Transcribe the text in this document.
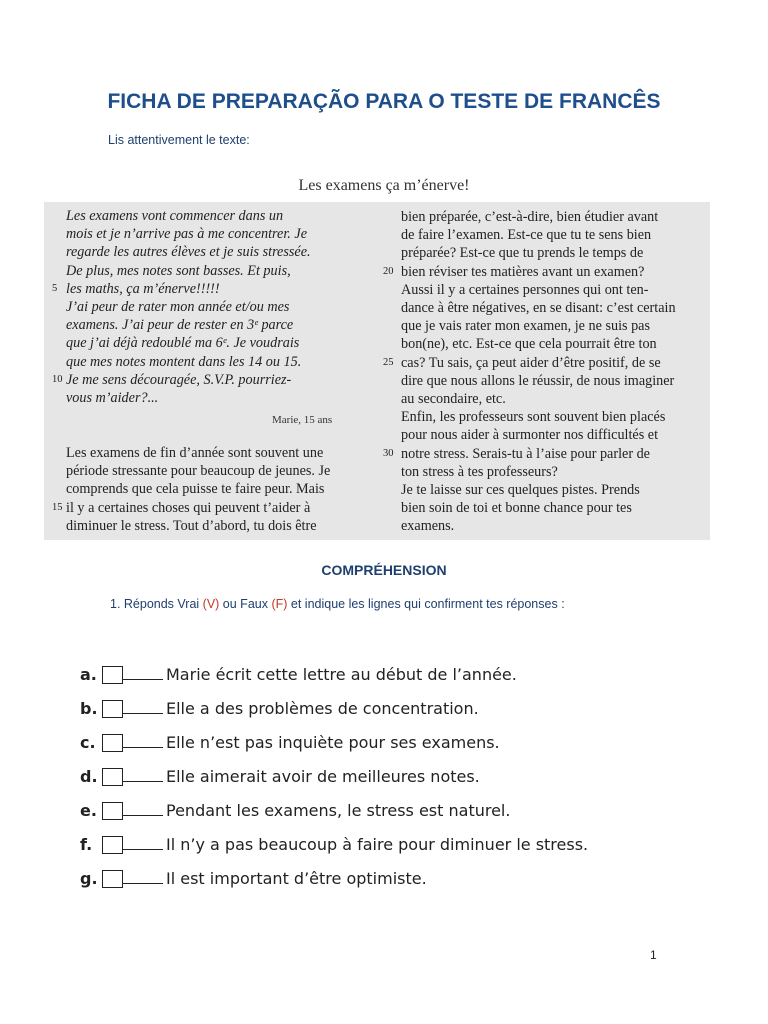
FICHA DE PREPARAÇÃO PARA O TESTE DE FRANCÊS
Lis attentivement le texte:
Les examens ça m’énerve!
Les examens vont commencer dans un
mois et je n’arrive pas à me concentrer. Je
regarde les autres élèves et je suis stressée.
De plus, mes notes sont basses. Et puis,
5 les maths, ça m’énerve!!!!!
J’ai peur de rater mon année et/ou mes
examens. J’ai peur de rester en 3ᵉ parce
que j’ai déjà redoublé ma 6ᵉ. Je voudrais
que mes notes montent dans les 14 ou 15.
10 Je me sens découragée, S.V.P. pourriez-
vous m’aider?...
Marie, 15 ans
Les examens de fin d’année sont souvent une
période stressante pour beaucoup de jeunes. Je
comprends que cela puisse te faire peur. Mais
15 il y a certaines choses qui peuvent t’aider à
diminuer le stress. Tout d’abord, tu dois être
bien préparée, c’est-à-dire, bien étudier avant
de faire l’examen. Est-ce que tu te sens bien
préparée? Est-ce que tu prends le temps de
20 bien réviser tes matières avant un examen?
Aussi il y a certaines personnes qui ont ten-
dance à être négatives, en se disant: c’est certain
que je vais rater mon examen, je ne suis pas
bon(ne), etc. Est-ce que cela pourrait être ton
25 cas? Tu sais, ça peut aider d’être positif, de se
dire que nous allons le réussir, de nous imaginer
au secondaire, etc.
Enfin, les professeurs sont souvent bien placés
pour nous aider à surmonter nos difficultés et
30 notre stress. Serais-tu à l’aise pour parler de
ton stress à tes professeurs?
Je te laisse sur ces quelques pistes. Prends
bien soin de toi et bonne chance pour tes
examens.
COMPRÉHENSION
1. Réponds Vrai (V) ou Faux (F) et indique les lignes qui confirment tes réponses :
a.	Marie écrit cette lettre au début de l’année.
b.	Elle a des problèmes de concentration.
c.	Elle n’est pas inquiète pour ses examens.
d.	Elle aimerait avoir de meilleures notes.
e.	Pendant les examens, le stress est naturel.
f.	Il n’y a pas beaucoup à faire pour diminuer le stress.
g.	Il est important d’être optimiste.
1
